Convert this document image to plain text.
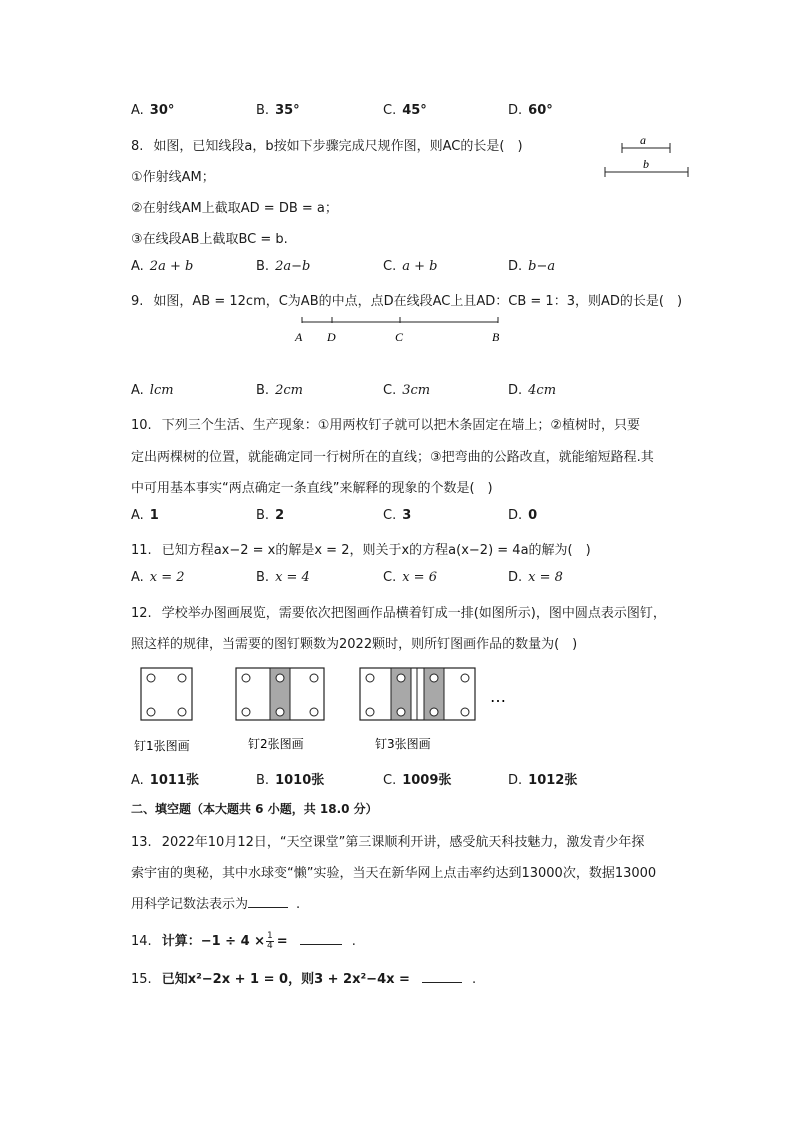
A. 30°	B. 35°	C. 45°	D. 60°
8. 如图，已知线段a，b按如下步骤完成尺规作图，则AC的长是(　)	a
b
①作射线AM；
②在射线AM上截取AD = DB = a；
③在线段AB上截取BC = b.
A. 2a + b	B. 2a−b	C. a + b	D. b−a
9. 如图，AB = 12cm，C为AB的中点，点D在线段AC上且AD：CB = 1：3，则AD的长是(　)
A D	C	B
A. lcm	B. 2cm	C. 3cm	D. 4cm
10. 下列三个生活、生产现象：①用两枚钉子就可以把木条固定在墙上；②植树时，只要
定出两棵树的位置，就能确定同一行树所在的直线；③把弯曲的公路改直，就能缩短路程.其
中可用基本事实“两点确定一条直线”来解释的现象的个数是(　)
A. 1	B. 2	C. 3	D. 0
11. 已知方程ax−2 = x的解是x = 2，则关于x的方程a(x−2) = 4a的解为(　)
A. x = 2	B. x = 4	C. x = 6	D. x = 8
12. 学校举办图画展览，需要依次把图画作品横着钉成一排(如图所示)，图中圆点表示图钉，
照这样的规律，当需要的图钉颗数为2022颗时，则所钉图画作品的数量为(　)
…
钉1张图画	钉2张图画	钉3张图画
A. 1011张	B. 1010张	C. 1009张	D. 1012张
二、填空题（本大题共 6 小题，共 18.0 分）
13. 2022年10月12日，“天空课堂”第三课顺利开讲，感受航天科技魅力，激发青少年探
索宇宙的奥秘，其中水球变“懒”实验，当天在新华网上点击率约达到13000次，数据13000
用科学记数法表示为	.
14. 计算：$-1 \div 4 \times \frac{1}{4}$ =	.
15. 已知x²−2x + 1 = 0，则3 + 2x²−4x =	.
